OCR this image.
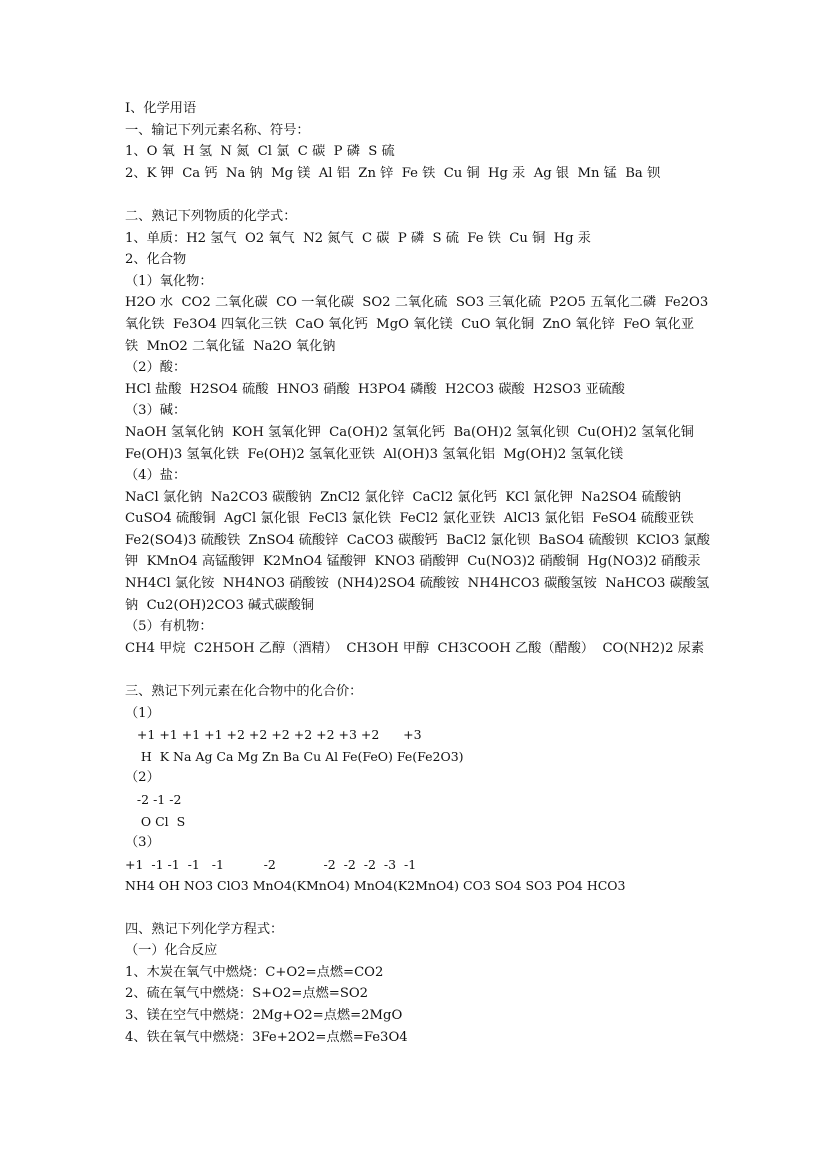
Ⅰ、化学用语
一、输记下列元素名称、符号：
1、O 氧  H 氢  N 氮  Cl 氯  C 碳  P 磷  S 硫
2、K 钾  Ca 钙  Na 钠  Mg 镁  Al 铝  Zn 锌  Fe 铁  Cu 铜  Hg 汞  Ag 银  Mn 锰  Ba 钡
二、熟记下列物质的化学式：
1、单质：H2 氢气  O2 氧气  N2 氮气  C 碳  P 磷  S 硫  Fe 铁  Cu 铜  Hg 汞
2、化合物
（1）氧化物：
H2O 水  CO2 二氧化碳  CO 一氧化碳  SO2 二氧化硫  SO3 三氧化硫  P2O5 五氧化二磷  Fe2O3
氧化铁  Fe3O4 四氧化三铁  CaO 氧化钙  MgO 氧化镁  CuO 氧化铜  ZnO 氧化锌  FeO 氧化亚
铁  MnO2 二氧化锰  Na2O 氧化钠
（2）酸：
HCl 盐酸  H2SO4 硫酸  HNO3 硝酸  H3PO4 磷酸  H2CO3 碳酸  H2SO3 亚硫酸
（3）碱：
NaOH 氢氧化钠  KOH 氢氧化钾  Ca(OH)2 氢氧化钙  Ba(OH)2 氢氧化钡  Cu(OH)2 氢氧化铜
Fe(OH)3 氢氧化铁  Fe(OH)2 氢氧化亚铁  Al(OH)3 氢氧化铝  Mg(OH)2 氢氧化镁
（4）盐：
NaCl 氯化钠  Na2CO3 碳酸钠  ZnCl2 氯化锌  CaCl2 氯化钙  KCl 氯化钾  Na2SO4 硫酸钠
CuSO4 硫酸铜  AgCl 氯化银  FeCl3 氯化铁  FeCl2 氯化亚铁  AlCl3 氯化铝  FeSO4 硫酸亚铁
Fe2(SO4)3 硫酸铁  ZnSO4 硫酸锌  CaCO3 碳酸钙  BaCl2 氯化钡  BaSO4 硫酸钡  KClO3 氯酸
钾  KMnO4 高锰酸钾  K2MnO4 锰酸钾  KNO3 硝酸钾  Cu(NO3)2 硝酸铜  Hg(NO3)2 硝酸汞
NH4Cl 氯化铵  NH4NO3 硝酸铵  (NH4)2SO4 硫酸铵  NH4HCO3 碳酸氢铵  NaHCO3 碳酸氢
钠  Cu2(OH)2CO3 碱式碳酸铜
（5）有机物：
CH4 甲烷  C2H5OH 乙醇（酒精）  CH3OH 甲醇  CH3COOH 乙酸（醋酸）  CO(NH2)2 尿素
三、熟记下列元素在化合物中的化合价：
（1）
+1 +1 +1 +1 +2 +2 +2 +2 +2 +3 +2      +3
H  K Na Ag Ca Mg Zn Ba Cu Al Fe(FeO) Fe(Fe2O3)
（2）
-2 -1 -2
O Cl  S
（3）
+1  -1 -1  -1   -1          -2            -2  -2  -2  -3  -1
NH4 OH NO3 ClO3 MnO4(KMnO4) MnO4(K2MnO4) CO3 SO4 SO3 PO4 HCO3
四、熟记下列化学方程式：
（一）化合反应
1、木炭在氧气中燃烧：C+O2=点燃=CO2
2、硫在氧气中燃烧：S+O2=点燃=SO2
3、镁在空气中燃烧：2Mg+O2=点燃=2MgO
4、铁在氧气中燃烧：3Fe+2O2=点燃=Fe3O4
